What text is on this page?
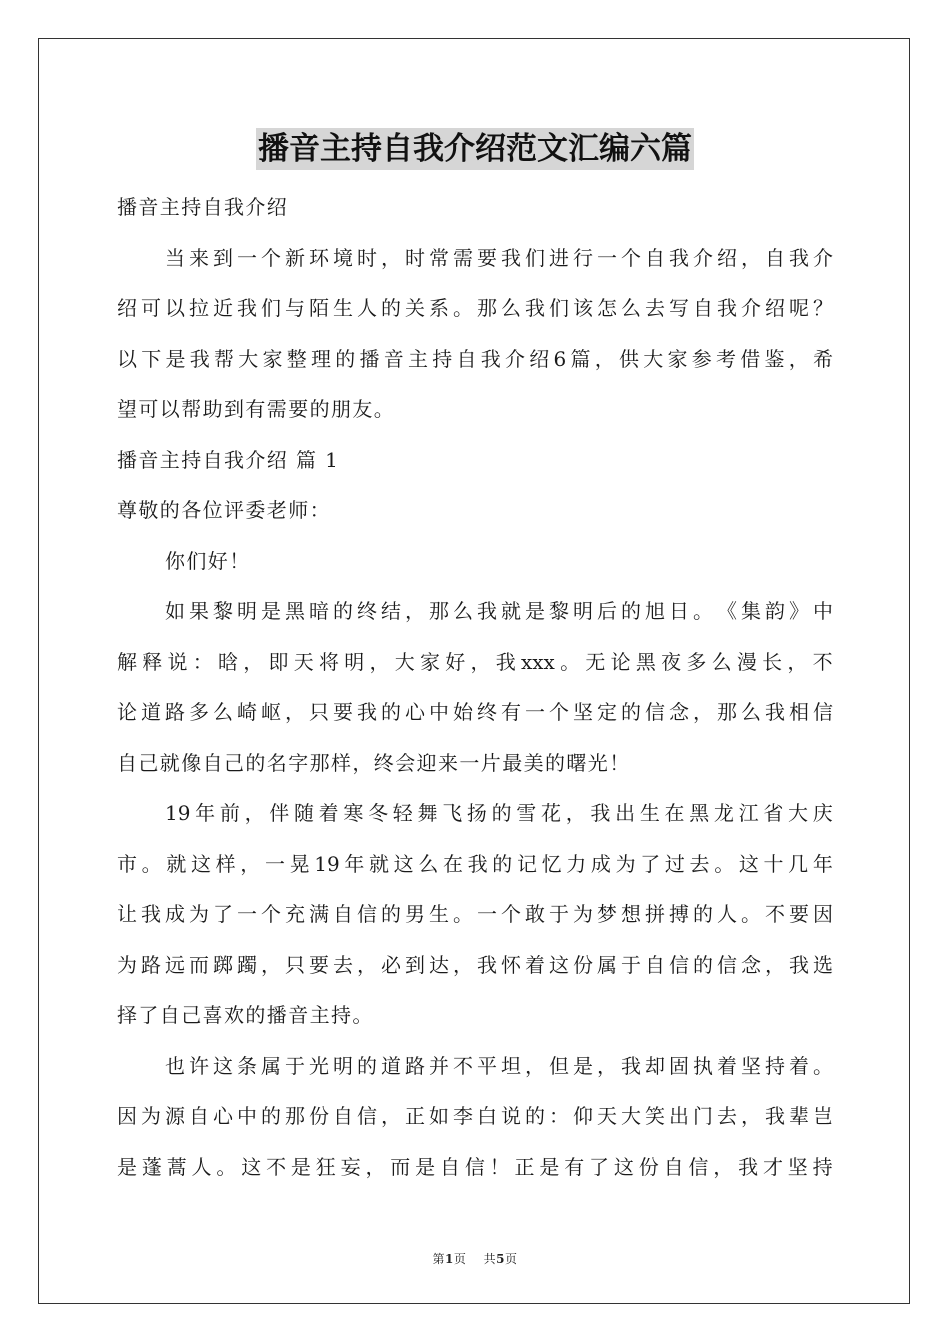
播音主持自我介绍范文汇编六篇
播音主持自我介绍
当 来 到 一 个 新 环 境 时 ， 时 常 需 要 我 们 进 行 一 个 自 我 介 绍 ， 自 我 介
绍 可 以 拉 近 我 们 与 陌 生 人 的 关 系 。 那 么 我 们 该 怎 么 去 写 自 我 介 绍 呢 ？
以 下 是 我 帮 大 家 整 理 的 播 音 主 持 自 我 介 绍 6 篇 ， 供 大 家 参 考 借 鉴 ， 希
望可以帮助到有需要的朋友。
播音主持自我介绍 篇 1
尊敬的各位评委老师：
你们好！
如 果 黎 明 是 黑 暗 的 终 结 ， 那 么 我 就 是 黎 明 后 的 旭 日 。 《 集 韵 》 中
解 释 说 ： 晗 ， 即 天 将 明 ， 大 家 好 ， 我 xxx 。 无 论 黑 夜 多 么 漫 长 ， 不
论 道 路 多 么 崎 岖 ， 只 要 我 的 心 中 始 终 有 一 个 坚 定 的 信 念 ， 那 么 我 相 信
自己就像自己的名字那样，终会迎来一片最美的曙光！
19 年 前 ， 伴 随 着 寒 冬 轻 舞 飞 扬 的 雪 花 ， 我 出 生 在 黑 龙 江 省 大 庆
市 。 就 这 样 ， 一 晃 19 年 就 这 么 在 我 的 记 忆 力 成 为 了 过 去 。 这 十 几 年
让 我 成 为 了 一 个 充 满 自 信 的 男 生 。 一 个 敢 于 为 梦 想 拼 搏 的 人 。 不 要 因
为 路 远 而 踯 躅 ， 只 要 去 ， 必 到 达 ， 我 怀 着 这 份 属 于 自 信 的 信 念 ， 我 选
择了自己喜欢的播音主持。
也 许 这 条 属 于 光 明 的 道 路 并 不 平 坦 ， 但 是 ， 我 却 固 执 着 坚 持 着 。
因 为 源 自 心 中 的 那 份 自 信 ， 正 如 李 白 说 的 ： 仰 天 大 笑 出 门 去 ， 我 辈 岂
是 蓬 蒿 人 。 这 不 是 狂 妄 ， 而 是 自 信 ！ 正 是 有 了 这 份 自 信 ， 我 才 坚 持
第1页 共5页
